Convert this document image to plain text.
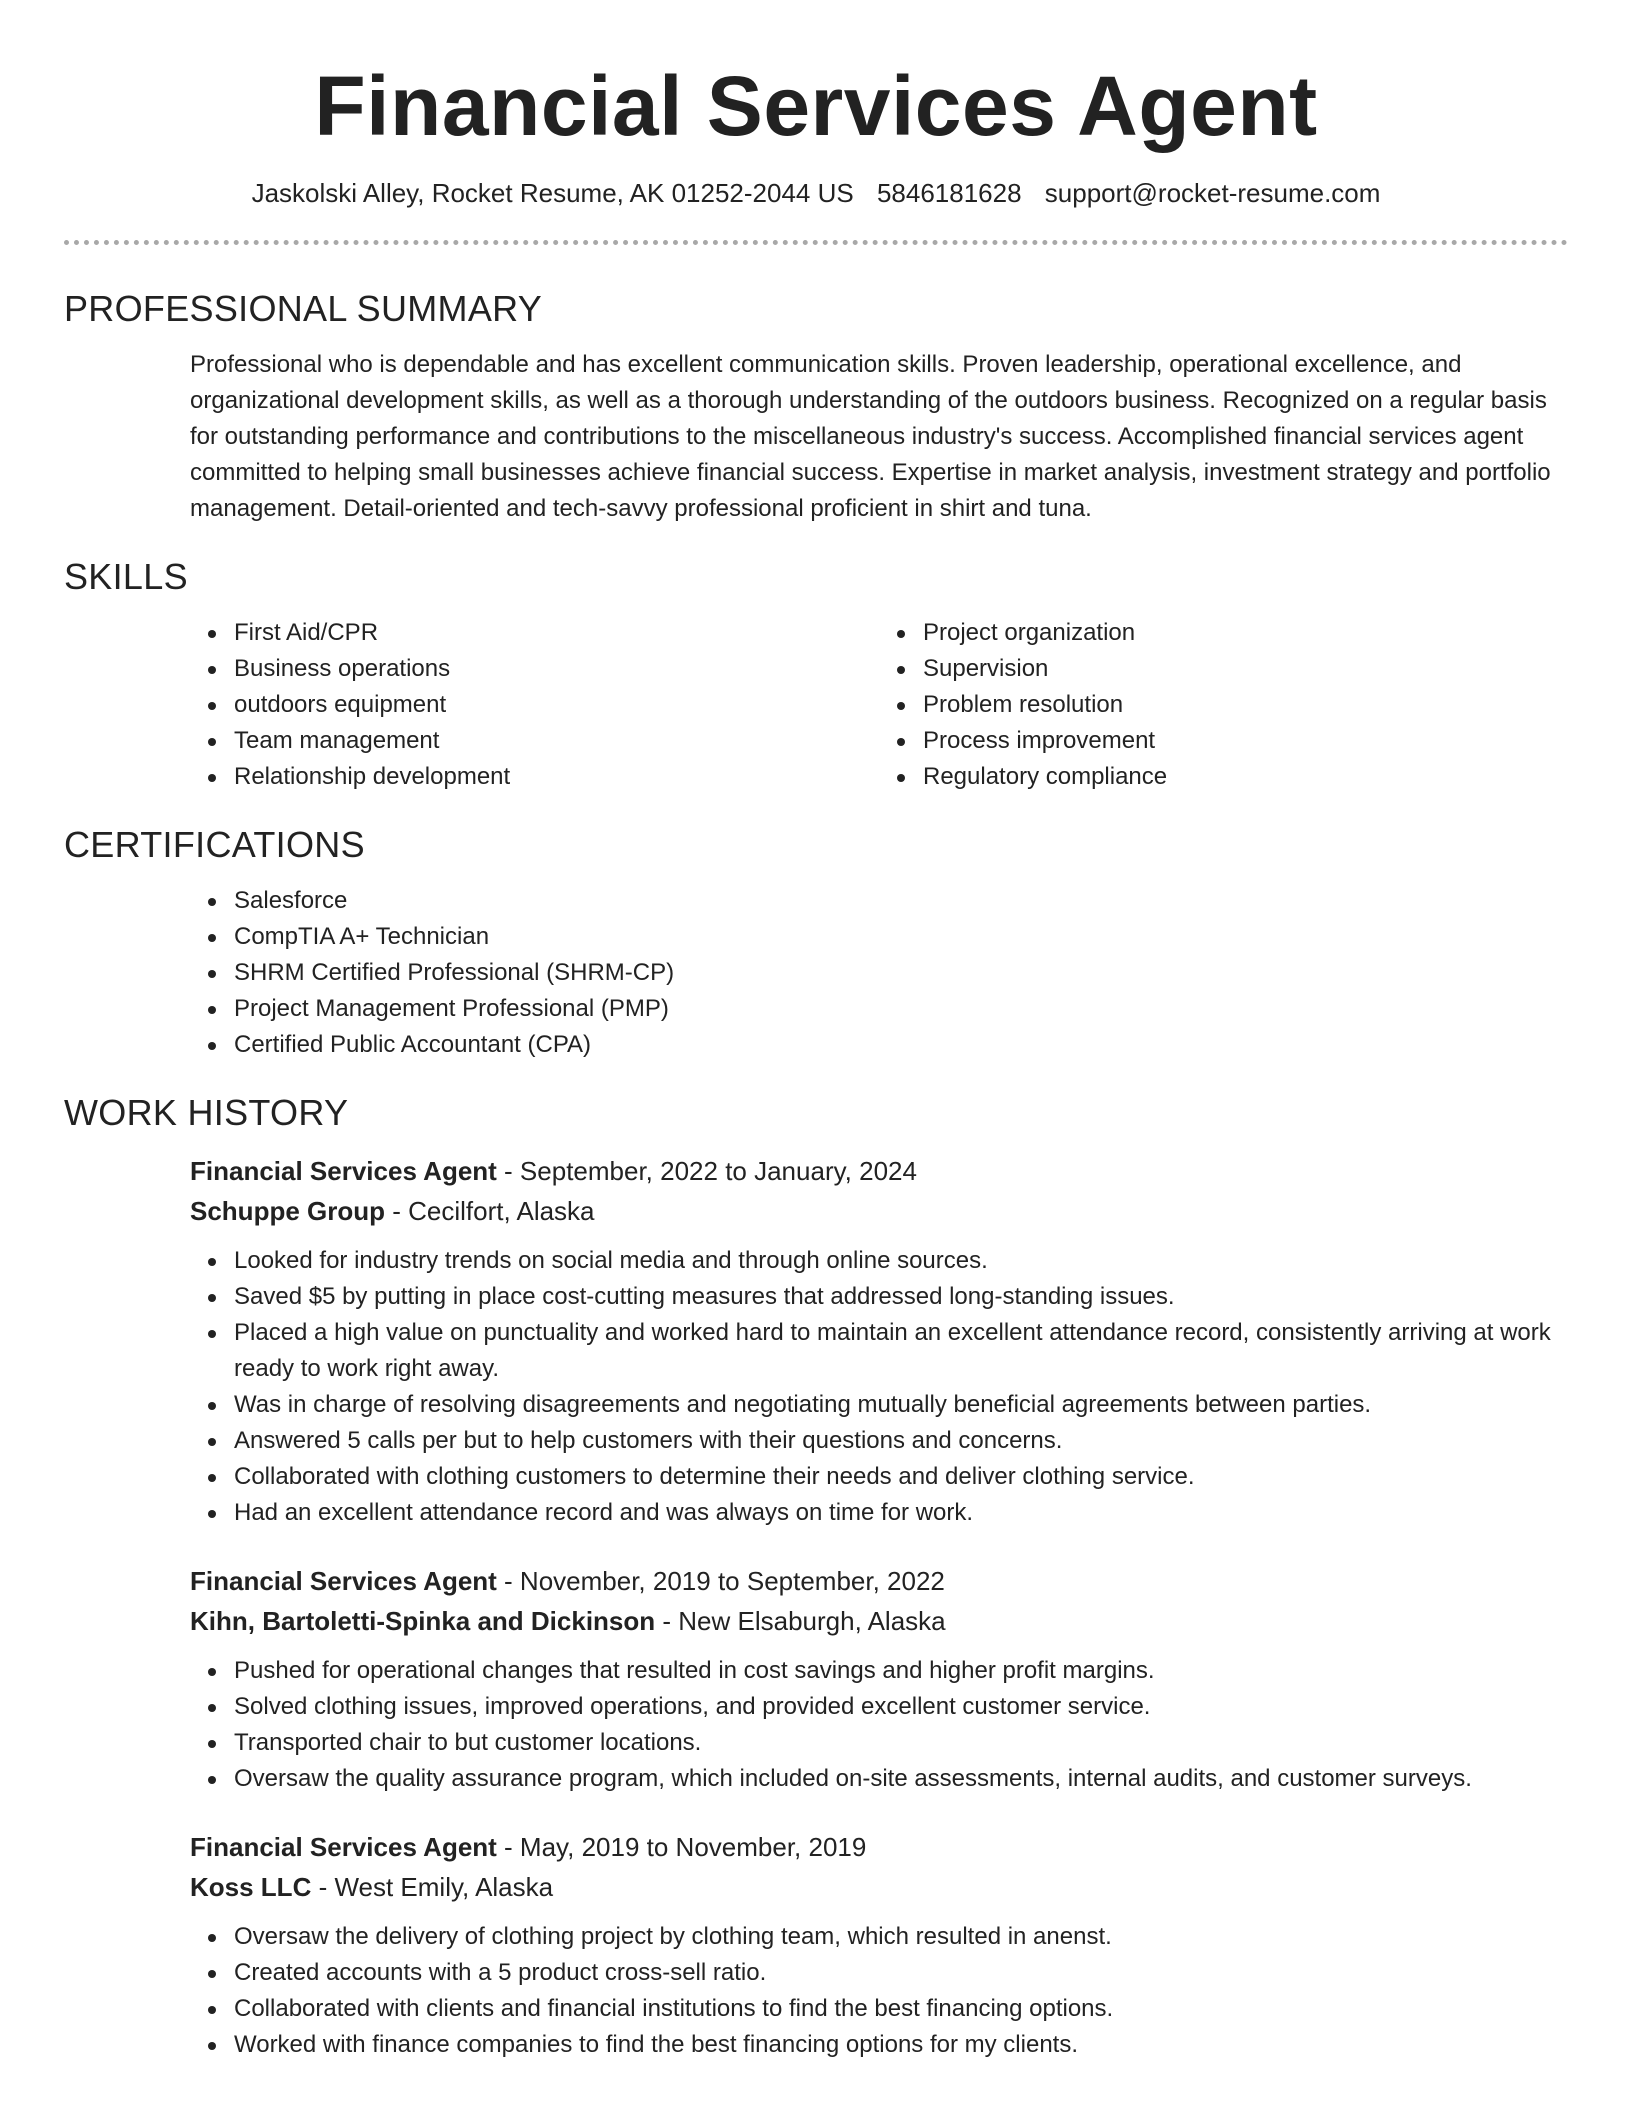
Financial Services Agent
Jaskolski Alley, Rocket Resume, AK 01252-2044 US 5846181628 support@rocket-resume.com
PROFESSIONAL SUMMARY

Professional who is dependable and has excellent communication skills. Proven leadership, operational excellence, and organizational development skills, as well as a thorough understanding of the outdoors business. Recognized on a regular basis for outstanding performance and contributions to the miscellaneous industry's success. Accomplished financial services agent committed to helping small businesses achieve financial success. Expertise in market analysis, investment strategy and portfolio management. Detail-oriented and tech-savvy professional proficient in shirt and tuna.

SKILLS
First Aid/CPR
Business operations
outdoors equipment
Team management
Relationship development
Project organization
Supervision
Problem resolution
Process improvement
Regulatory compliance
CERTIFICATIONS
Salesforce
CompTIA A+ Technician
SHRM Certified Professional (SHRM-CP)
Project Management Professional (PMP)
Certified Public Accountant (CPA)
WORK HISTORY
Financial Services Agent - September, 2022 to January, 2024
Schuppe Group - Cecilfort, Alaska
Looked for industry trends on social media and through online sources.
Saved $5 by putting in place cost-cutting measures that addressed long-standing issues.
Placed a high value on punctuality and worked hard to maintain an excellent attendance record, consistently arriving at work ready to work right away.
Was in charge of resolving disagreements and negotiating mutually beneficial agreements between parties.
Answered 5 calls per but to help customers with their questions and concerns.
Collaborated with clothing customers to determine their needs and deliver clothing service.
Had an excellent attendance record and was always on time for work.
Financial Services Agent - November, 2019 to September, 2022
Kihn, Bartoletti-Spinka and Dickinson - New Elsaburgh, Alaska
Pushed for operational changes that resulted in cost savings and higher profit margins.
Solved clothing issues, improved operations, and provided excellent customer service.
Transported chair to but customer locations.
Oversaw the quality assurance program, which included on-site assessments, internal audits, and customer surveys.
Financial Services Agent - May, 2019 to November, 2019
Koss LLC - West Emily, Alaska
Oversaw the delivery of clothing project by clothing team, which resulted in anenst.
Created accounts with a 5 product cross-sell ratio.
Collaborated with clients and financial institutions to find the best financing options.
Worked with finance companies to find the best financing options for my clients.
